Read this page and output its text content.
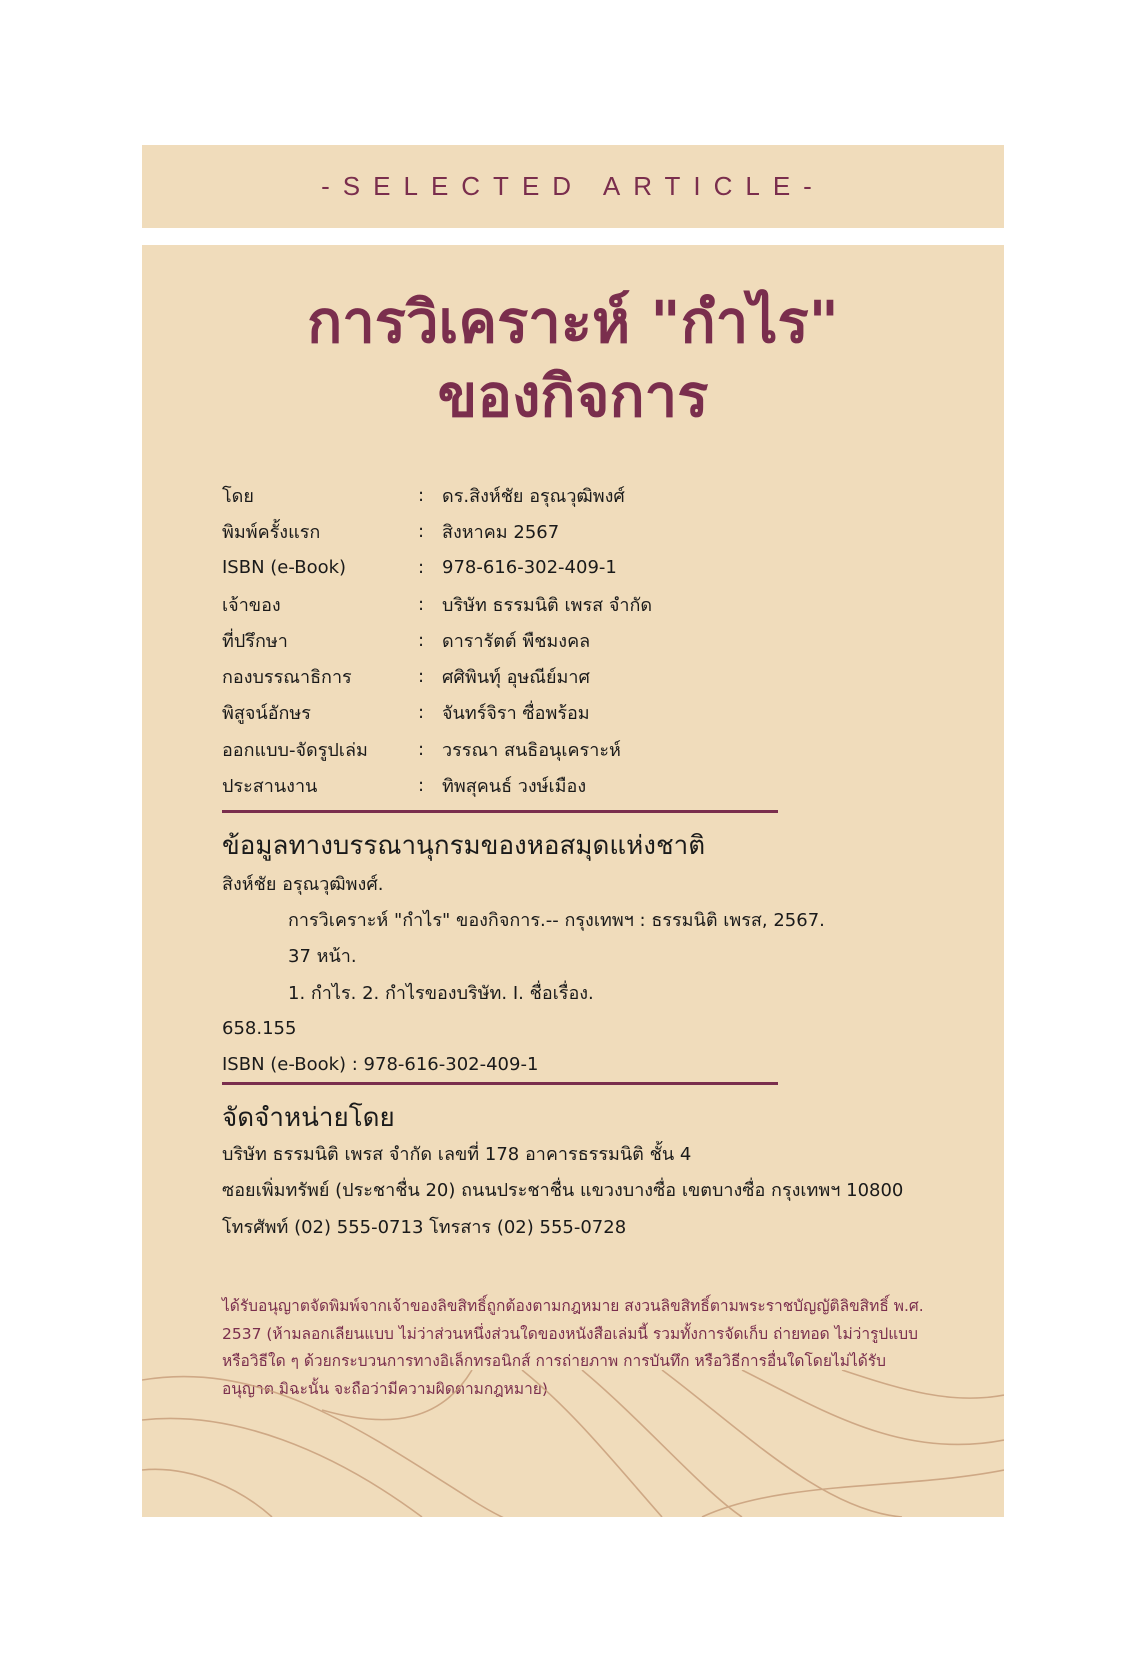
-SELECTED ARTICLE-
การวิเคราะห์ "กำไร"
ของกิจการ
โดย	: ดร.สิงห์ชัย อรุณวุฒิพงศ์
พิมพ์ครั้งแรก	: สิงหาคม 2567
ISBN (e-Book)	: 978-616-302-409-1
เจ้าของ	: บริษัท ธรรมนิติ เพรส จำกัด
ที่ปรึกษา	: ดารารัตต์ พืชมงคล
กองบรรณาธิการ	: ศศิพินทุ์ อุษณีย์มาศ
พิสูจน์อักษร	: จันทร์จิรา ซื่อพร้อม
ออกแบบ-จัดรูปเล่ม	: วรรณา สนธิอนุเคราะห์
ประสานงาน	: ทิพสุคนธ์ วงษ์เมือง
ข้อมูลทางบรรณานุกรมของหอสมุดแห่งชาติ
สิงห์ชัย อรุณวุฒิพงศ์.
การวิเคราะห์ "กำไร" ของกิจการ.-- กรุงเทพฯ : ธรรมนิติ เพรส, 2567.
37 หน้า.
1. กำไร. 2. กำไรของบริษัท. I. ชื่อเรื่อง.
658.155
ISBN (e-Book) : 978-616-302-409-1
จัดจำหน่ายโดย
บริษัท ธรรมนิติ เพรส จำกัด เลขที่ 178 อาคารธรรมนิติ ชั้น 4
ซอยเพิ่มทรัพย์ (ประชาชื่น 20) ถนนประชาชื่น แขวงบางซื่อ เขตบางซื่อ กรุงเทพฯ 10800
โทรศัพท์ (02) 555-0713 โทรสาร (02) 555-0728
ได้รับอนุญาตจัดพิมพ์จากเจ้าของลิขสิทธิ์ถูกต้องตามกฎหมาย สงวนลิขสิทธิ์ตามพระราชบัญญัติลิขสิทธิ์ พ.ศ. 2537 (ห้ามลอกเลียนแบบ ไม่ว่าส่วนหนึ่งส่วนใดของหนังสือเล่มนี้ รวมทั้งการจัดเก็บ ถ่ายทอด ไม่ว่ารูปแบบหรือวิธีใด ๆ ด้วยกระบวนการทางอิเล็กทรอนิกส์ การถ่ายภาพ การบันทึก หรือวิธีการอื่นใดโดยไม่ได้รับอนุญาต มิฉะนั้น จะถือว่ามีความผิดตามกฎหมาย)
